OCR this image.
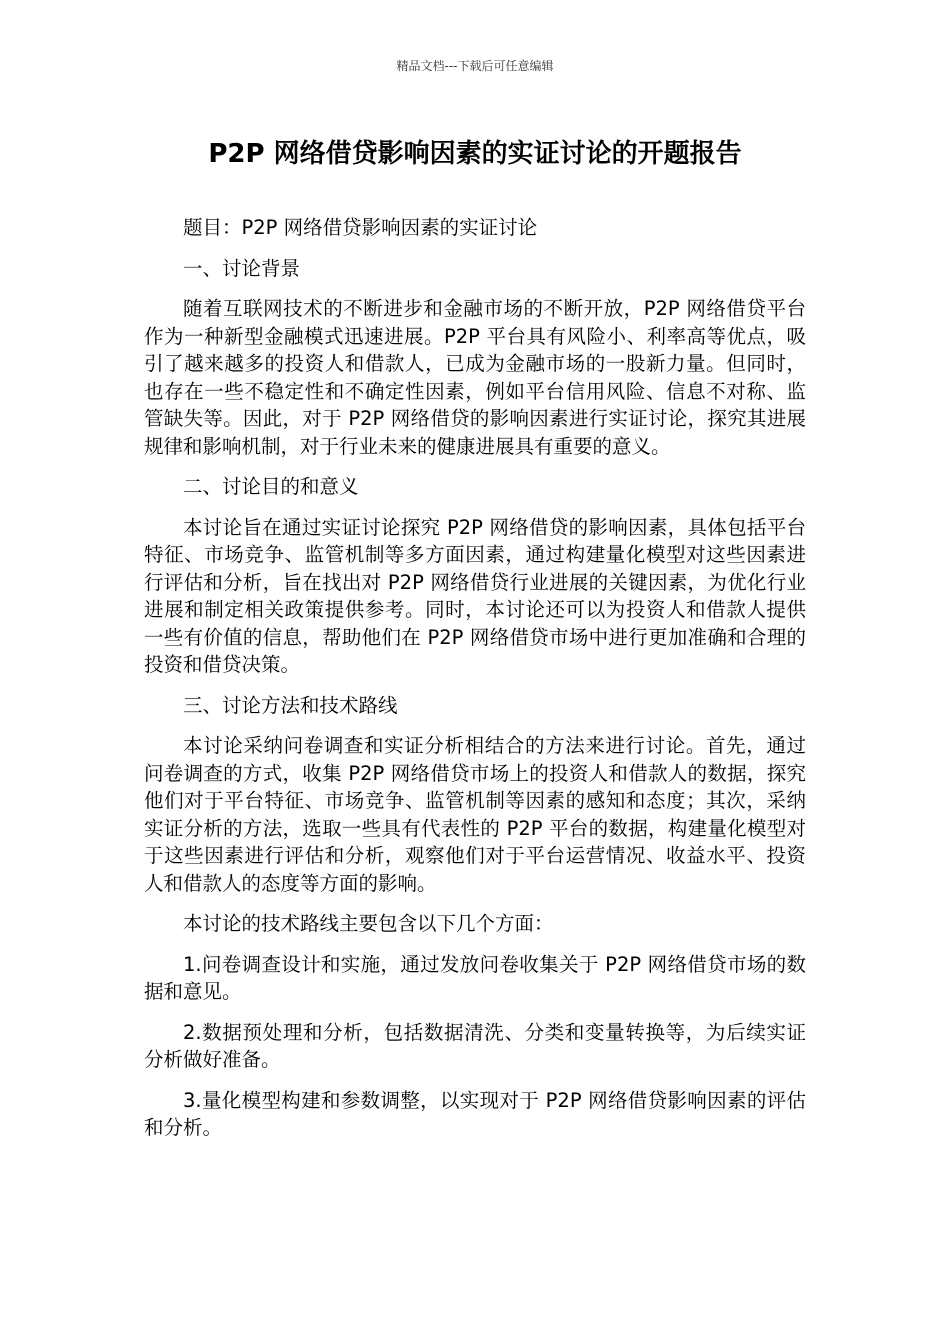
精品文档---下载后可任意编辑
P2P 网络借贷影响因素的实证讨论的开题报告

题目：P2P 网络借贷影响因素的实证讨论

一、讨论背景

随着互联网技术的不断进步和金融市场的不断开放，P2P 网络借贷平台作为一种新型金融模式迅速进展。P2P 平台具有风险小、利率高等优点，吸引了越来越多的投资人和借款人，已成为金融市场的一股新力量。但同时，也存在一些不稳定性和不确定性因素，例如平台信用风险、信息不对称、监管缺失等。因此，对于 P2P 网络借贷的影响因素进行实证讨论，探究其进展规律和影响机制，对于行业未来的健康进展具有重要的意义。

二、讨论目的和意义

本讨论旨在通过实证讨论探究 P2P 网络借贷的影响因素，具体包括平台特征、市场竞争、监管机制等多方面因素，通过构建量化模型对这些因素进行评估和分析，旨在找出对 P2P 网络借贷行业进展的关键因素，为优化行业进展和制定相关政策提供参考。同时，本讨论还可以为投资人和借款人提供一些有价值的信息，帮助他们在 P2P 网络借贷市场中进行更加准确和合理的投资和借贷决策。

三、讨论方法和技术路线

本讨论采纳问卷调查和实证分析相结合的方法来进行讨论。首先，通过问卷调查的方式，收集 P2P 网络借贷市场上的投资人和借款人的数据，探究他们对于平台特征、市场竞争、监管机制等因素的感知和态度；其次，采纳实证分析的方法，选取一些具有代表性的 P2P 平台的数据，构建量化模型对于这些因素进行评估和分析，观察他们对于平台运营情况、收益水平、投资人和借款人的态度等方面的影响。

本讨论的技术路线主要包含以下几个方面：

1.问卷调查设计和实施，通过发放问卷收集关于 P2P 网络借贷市场的数据和意见。

2.数据预处理和分析，包括数据清洗、分类和变量转换等，为后续实证分析做好准备。

3.量化模型构建和参数调整，以实现对于 P2P 网络借贷影响因素的评估和分析。
